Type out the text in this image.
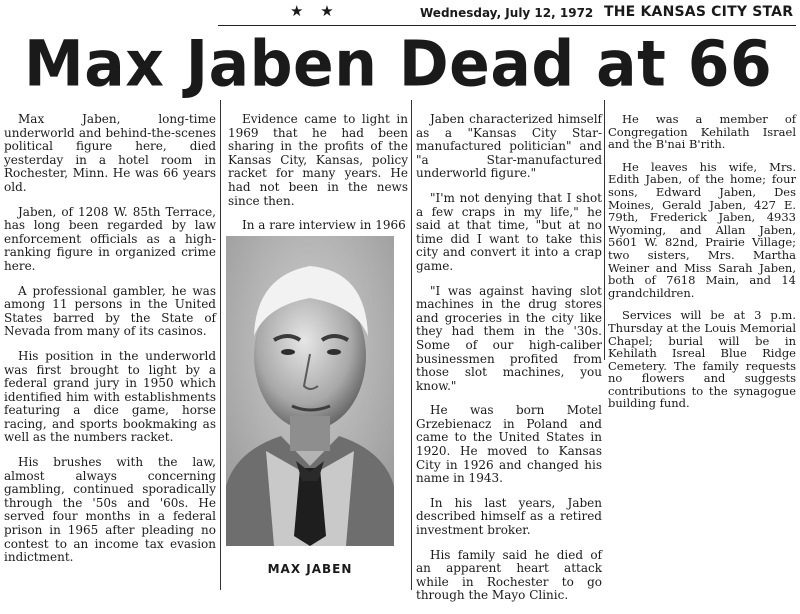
★ ★	Wednesday, July 12, 1972 THE KANSAS CITY STAR
Max Jaben Dead at 66

Max Jaben, long-time underworld and behind-the-scenes political figure here, died yesterday in a hotel room in Rochester, Minn. He was 66 years old.

Jaben, of 1208 W. 85th Terrace, has long been regarded by law enforcement officials as a high-ranking figure in organized crime here.

A professional gambler, he was among 11 persons in the United States barred by the State of Nevada from many of its casinos.

His position in the underworld was first brought to light by a federal grand jury in 1950 which identified him with establishments featuring a dice game, horse racing, and sports bookmaking as well as the numbers racket.

His brushes with the law, almost always concerning gambling, continued sporadically through the '50s and '60s. He served four months in a federal prison in 1965 after pleading no contest to an income tax evasion indictment.

Evidence came to light in 1969 that he had been sharing in the profits of the Kansas City, Kansas, policy racket for many years. He had not been in the news since then.

In a rare interview in 1966

MAX JABEN

Jaben characterized himself as a "Kansas City Star-manufactured politician" and "a Star-manufactured underworld figure."

"I'm not denying that I shot a few craps in my life," he said at that time, "but at no time did I want to take this city and convert it into a crap game.

"I was against having slot machines in the drug stores and groceries in the city like they had them in the '30s. Some of our high-caliber businessmen profited from those slot machines, you know."

He was born Motel Grzebienacz in Poland and came to the United States in 1920. He moved to Kansas City in 1926 and changed his name in 1943.

In his last years, Jaben described himself as a retired investment broker.

His family said he died of an apparent heart attack while in Rochester to go through the Mayo Clinic.

He was a member of Congregation Kehilath Israel and the B'nai B'rith.

He leaves his wife, Mrs. Edith Jaben, of the home; four sons, Edward Jaben, Des Moines, Gerald Jaben, 427 E. 79th, Frederick Jaben, 4933 Wyoming, and Allan Jaben, 5601 W. 82nd, Prairie Village; two sisters, Mrs. Martha Weiner and Miss Sarah Jaben, both of 7618 Main, and 14 grandchildren.

Services will be at 3 p.m. Thursday at the Louis Memorial Chapel; burial will be in Kehilath Isreal Blue Ridge Cemetery. The family requests no flowers and suggests contributions to the synagogue building fund.
